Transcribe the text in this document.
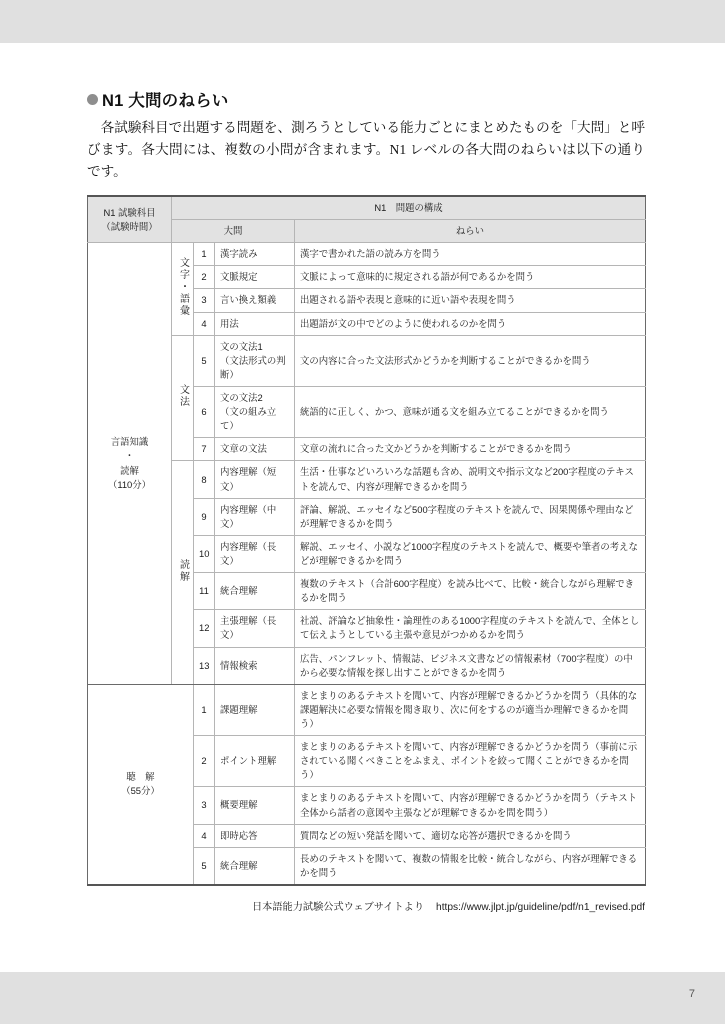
N1 大問のねらい

各試験科目で出題する問題を、測ろうとしている能力ごとにまとめたものを「大問」と呼びます。各大問には、複数の小問が含まれます。N1 レベルの各大問のねらいは以下の通りです。

N1 試験科目
（試験時間）	N1　問題の構成			
	大問			ねらい

言語知識
・
読解
（110分）	文字・語彙	1	漢字読み	漢字で書かれた語の読み方を問う
		2	文脈規定	文脈によって意味的に規定される語が何であるかを問う
		3	言い換え類義	出題される語や表現と意味的に近い語や表現を問う
		4	用法	出題語が文の中でどのように使われるのかを問う
	文法	5	文の文法1
（文法形式の判断）	文の内容に合った文法形式かどうかを判断することができるかを問う
		6	文の文法2
（文の組み立て）	統語的に正しく、かつ、意味が通る文を組み立てることができるかを問う
		7	文章の文法	文章の流れに合った文かどうかを判断することができるかを問う
	読解	8	内容理解（短文）	生活・仕事などいろいろな話題も含め、説明文や指示文など200字程度のテキストを読んで、内容が理解できるかを問う
		9	内容理解（中文）	評論、解説、エッセイなど500字程度のテキストを読んで、因果関係や理由などが理解できるかを問う
		10	内容理解（長文）	解説、エッセイ、小説など1000字程度のテキストを読んで、概要や筆者の考えなどが理解できるかを問う
		11	統合理解	複数のテキスト（合計600字程度）を読み比べて、比較・統合しながら理解できるかを問う
		12	主張理解（長文）	社説、評論など抽象性・論理性のある1000字程度のテキストを読んで、全体として伝えようとしている主張や意見がつかめるかを問う
		13	情報検索	広告、パンフレット、情報誌、ビジネス文書などの情報素材（700字程度）の中から必要な情報を探し出すことができるかを問う

聴　解
（55分）		1	課題理解	まとまりのあるテキストを聞いて、内容が理解できるかどうかを問う（具体的な課題解決に必要な情報を聞き取り、次に何をするのが適当か理解できるかを問う）
		2	ポイント理解	まとまりのあるテキストを聞いて、内容が理解できるかどうかを問う（事前に示されている聞くべきことをふまえ、ポイントを絞って聞くことができるかを問う）
		3	概要理解	まとまりのあるテキストを聞いて、内容が理解できるかどうかを問う（テキスト全体から話者の意図や主張などが理解できるかを問を問う）
		4	即時応答	質問などの短い発話を聞いて、適切な応答が選択できるかを問う
		5	統合理解	長めのテキストを聞いて、複数の情報を比較・統合しながら、内容が理解できるかを問う
日本語能力試験公式ウェブサイトより https://www.jlpt.jp/guideline/pdf/n1_revised.pdf
7
